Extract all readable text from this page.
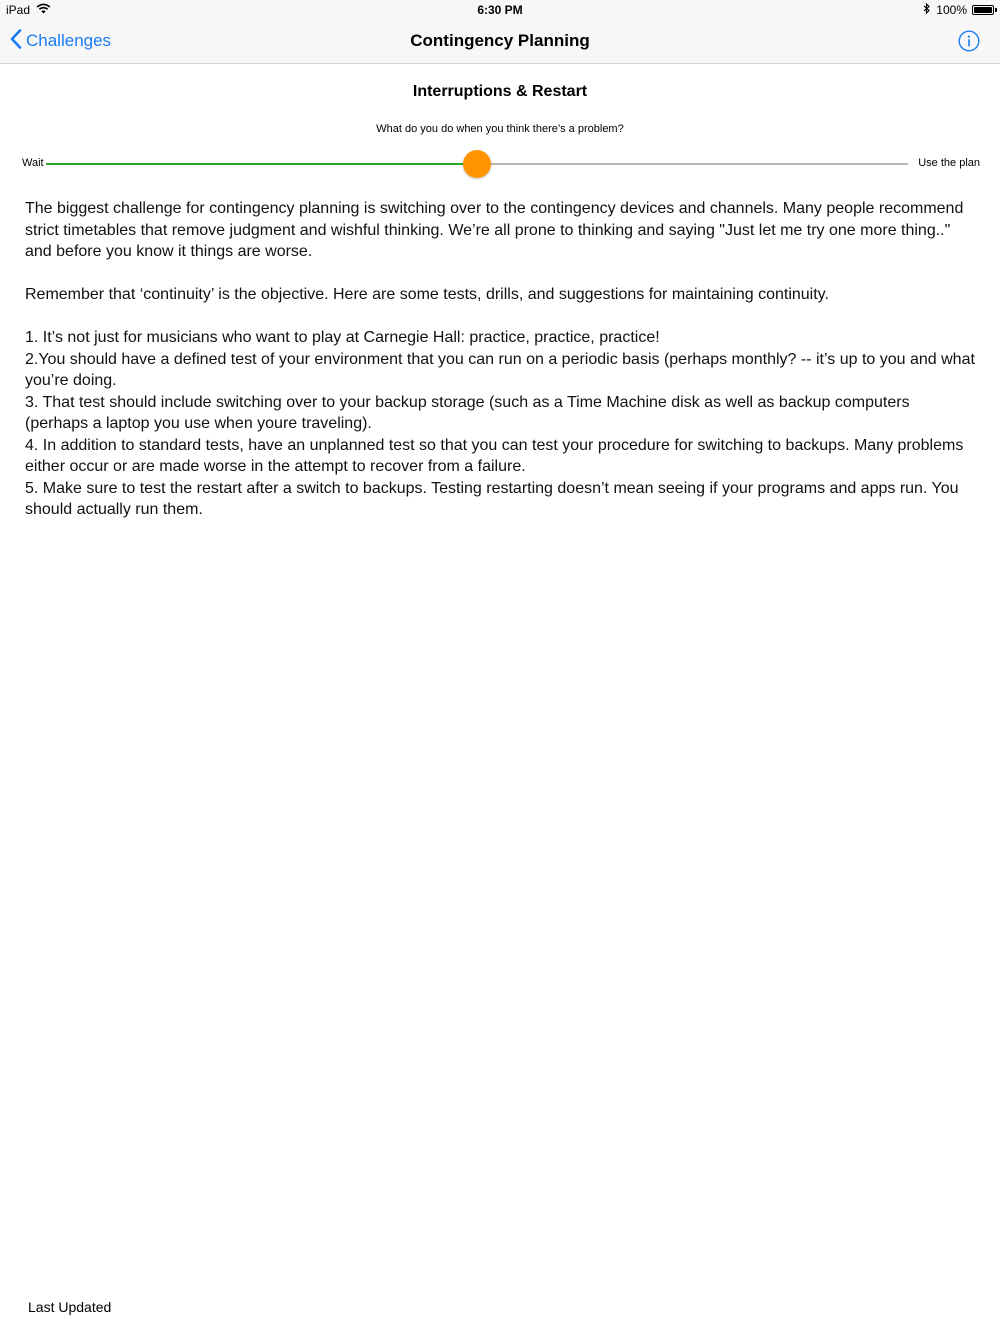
iPad	6:30 PM	100%
Challenges	Contingency Planning
Interruptions & Restart
What do you do when you think there’s a problem?
Wait	Use the plan

The biggest challenge for contingency planning is switching over to the contingency devices and channels. Many people recommend strict timetables that remove judgment and wishful thinking. We’re all prone to thinking and saying "Just let me try one more thing.." and before you know it things are worse.

Remember that ‘continuity’ is the objective. Here are some tests, drills, and suggestions for maintaining continuity.

1. It’s not just for musicians who want to play at Carnegie Hall: practice, practice, practice!

2.You should have a defined test of your environment that you can run on a periodic basis (perhaps monthly? -- it’s up to you and what you’re doing.

3. That test should include switching over to your backup storage (such as a Time Machine disk as well as backup computers (perhaps a laptop you use when youre traveling).

4. In addition to standard tests, have an unplanned test so that you can test your procedure for switching to backups. Many problems either occur or are made worse in the attempt to recover from a failure.

5. Make sure to test the restart after a switch to backups. Testing restarting doesn’t mean seeing if your programs and apps run. You should actually run them.

Last Updated
